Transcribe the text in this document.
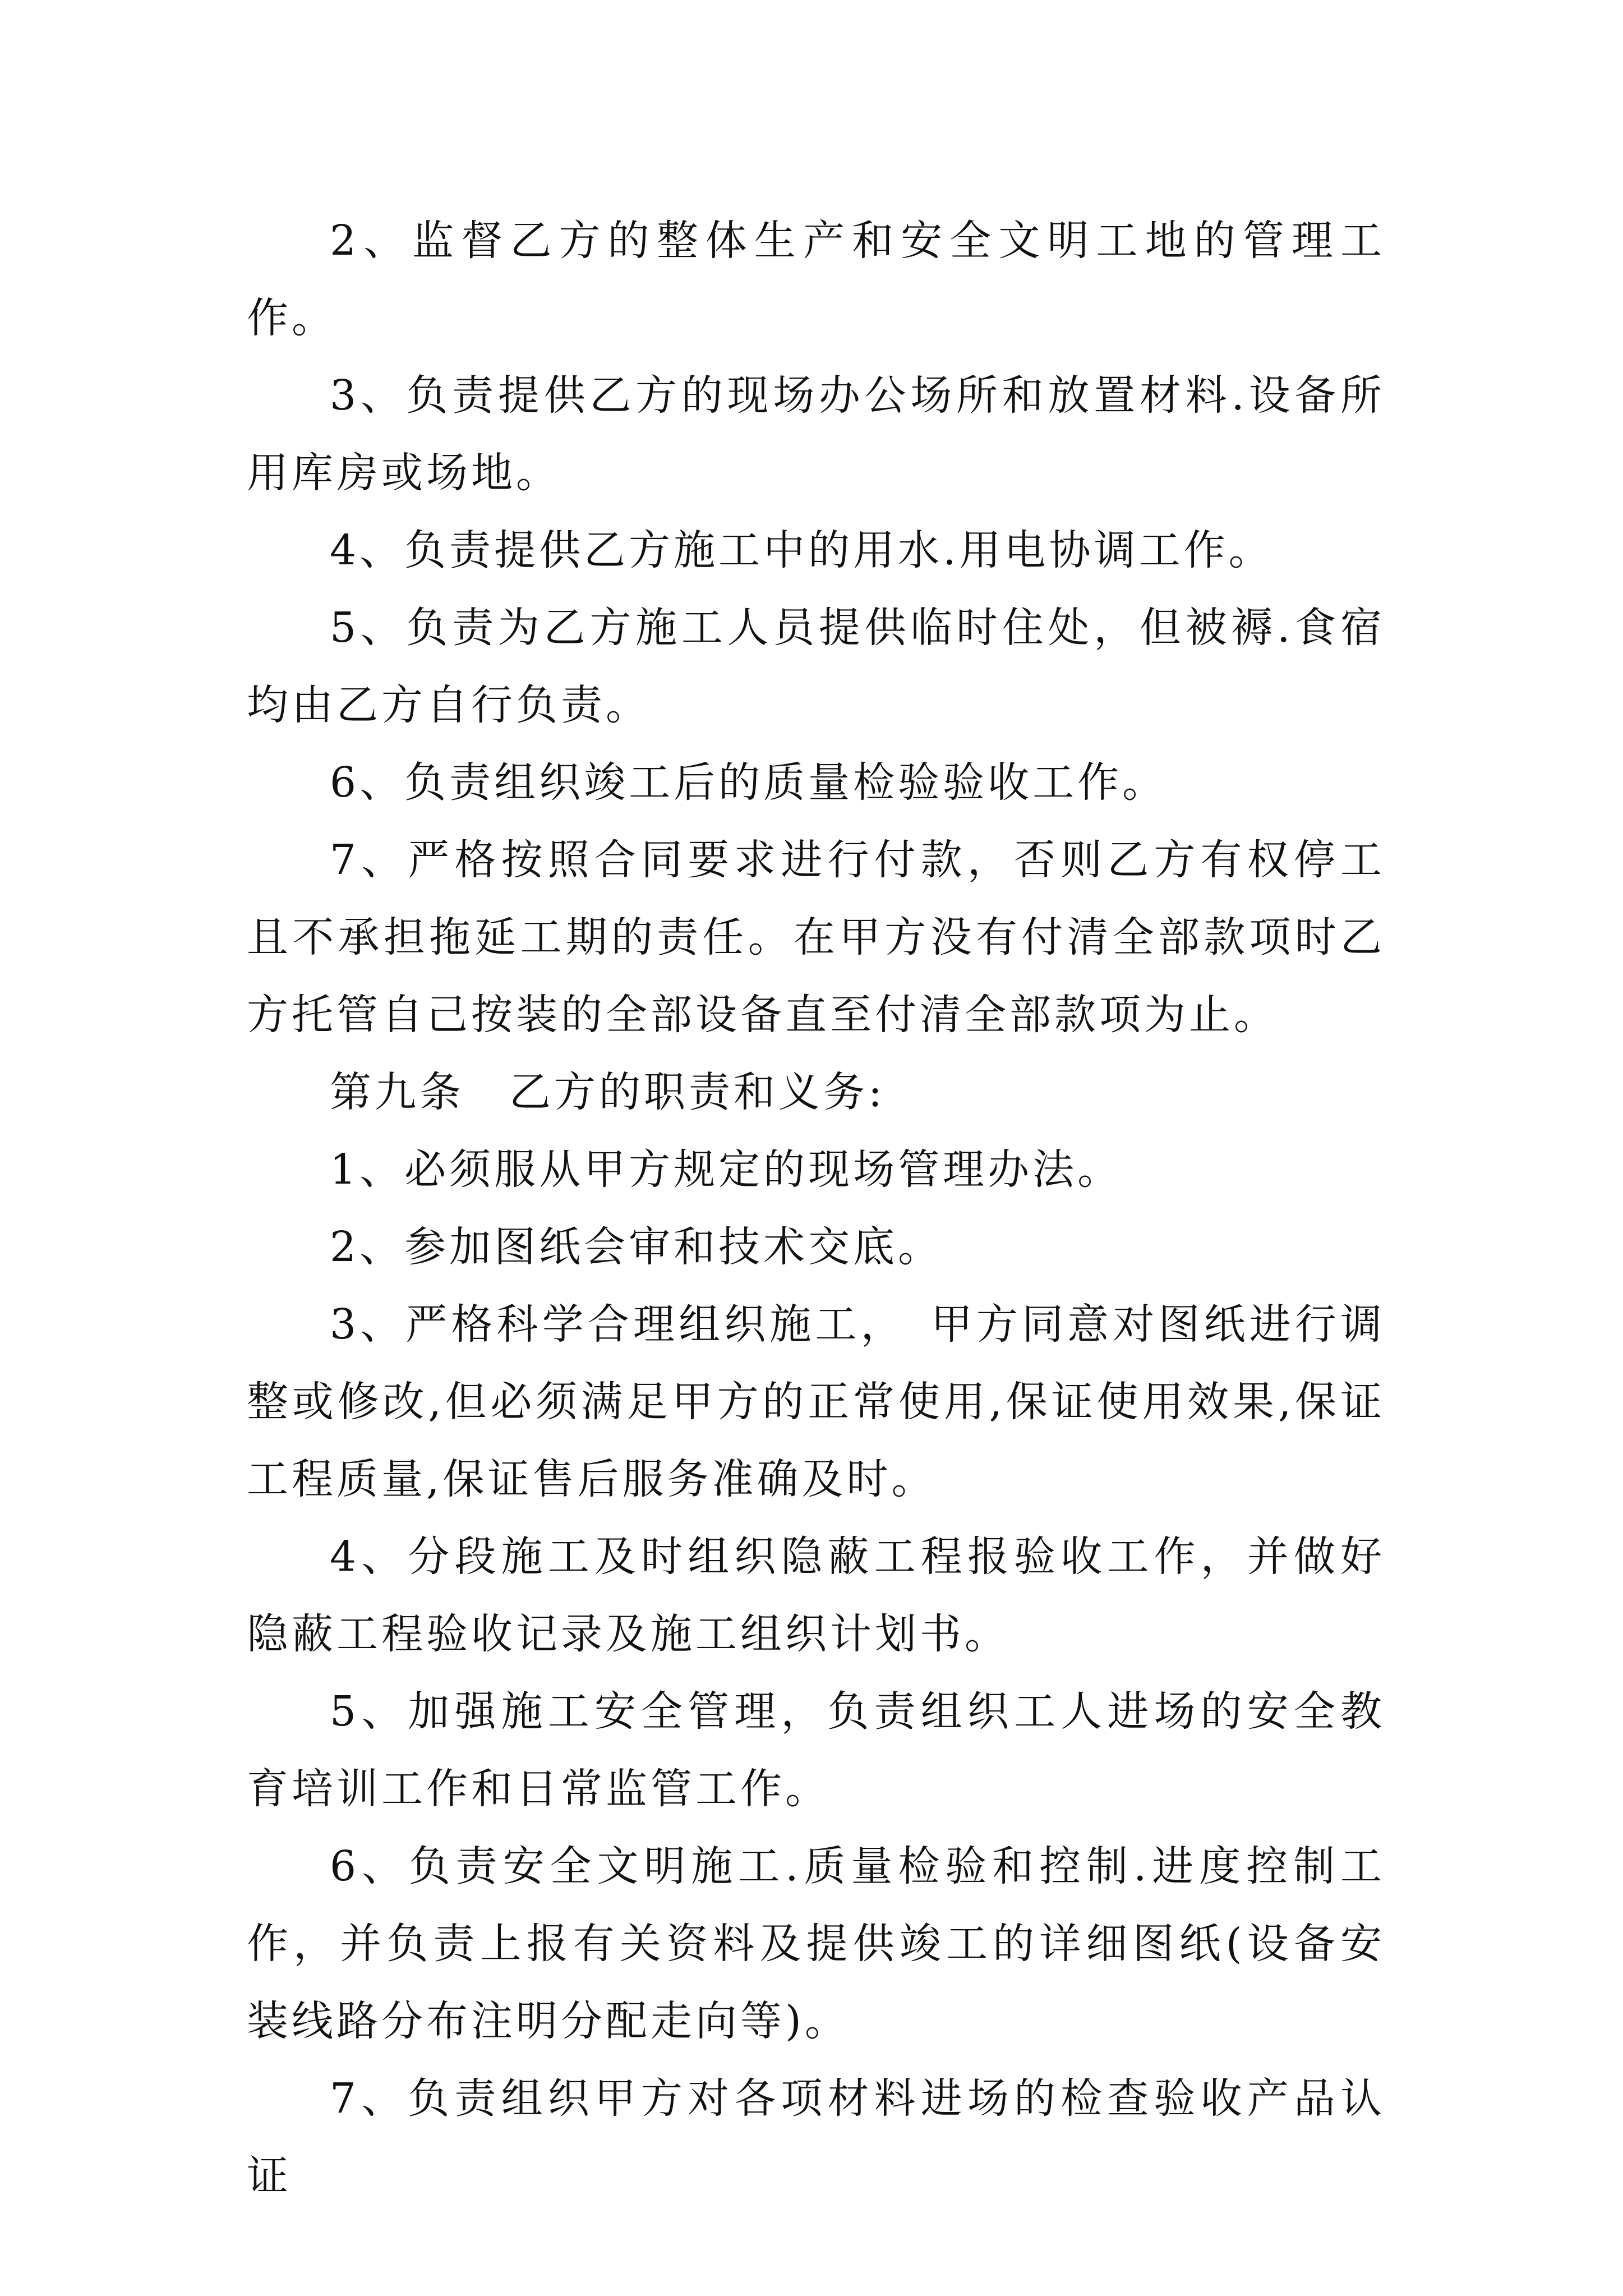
2、监督乙方的整体生产和安全文明工地的管理工作。

3、负责提供乙方的现场办公场所和放置材料.设备所用库房或场地。

4、负责提供乙方施工中的用水.用电协调工作。

5、负责为乙方施工人员提供临时住处，但被褥.食宿均由乙方自行负责。

6、负责组织竣工后的质量检验验收工作。

7、严格按照合同要求进行付款，否则乙方有权停工且不承担拖延工期的责任。在甲方没有付清全部款项时乙方托管自己按装的全部设备直至付清全部款项为止。

第九条　乙方的职责和义务:

1、必须服从甲方规定的现场管理办法。

2、参加图纸会审和技术交底。

3、严格科学合理组织施工，　甲方同意对图纸进行调整或修改,但必须满足甲方的正常使用,保证使用效果,保证工程质量,保证售后服务准确及时。

4、分段施工及时组织隐蔽工程报验收工作，并做好隐蔽工程验收记录及施工组织计划书。

5、加强施工安全管理，负责组织工人进场的安全教育培训工作和日常监管工作。

6、负责安全文明施工.质量检验和控制.进度控制工作，并负责上报有关资料及提供竣工的详细图纸(设备安装线路分布注明分配走向等)。

7、负责组织甲方对各项材料进场的检查验收产品认证
